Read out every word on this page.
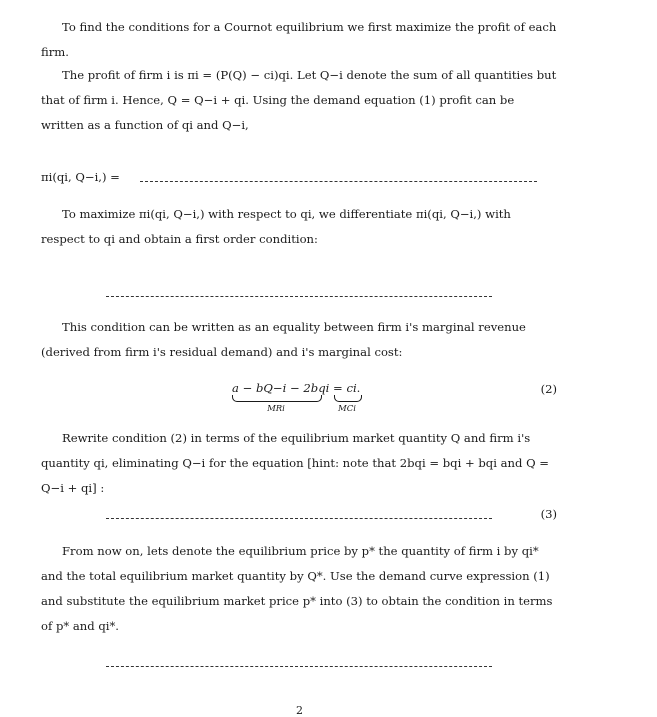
To find the conditions for a Cournot equilibrium we first maximize the profit of each firm.

The profit of firm i is πi = (P(Q) − ci)qi. Let Q−i denote the sum of all quantities but that of firm i. Hence, Q = Q−i + qi. Using the demand equation (1) profit can be written as a function of qi and Q−i,

πi(qi, Q−i,) =

To maximize πi(qi, Q−i,) with respect to qi, we differentiate πi(qi, Q−i,) with respect to qi and obtain a first order condition:

This condition can be written as an equality between firm i's marginal revenue (derived from firm i's residual demand) and i's marginal cost:

a − bQ−i − 2bqi = ci.
MRi	MCi
(2)

Rewrite condition (2) in terms of the equilibrium market quantity Q and firm i's quantity qi, eliminating Q−i for the equation [hint: note that 2bqi = bqi + bqi and Q = Q−i + qi] :

(3)

From now on, lets denote the equilibrium price by p* the quantity of firm i by qi* and the total equilibrium market quantity by Q*. Use the demand curve expression (1) and substitute the equilibrium market price p* into (3) to obtain the condition in terms of p* and qi*.

2
